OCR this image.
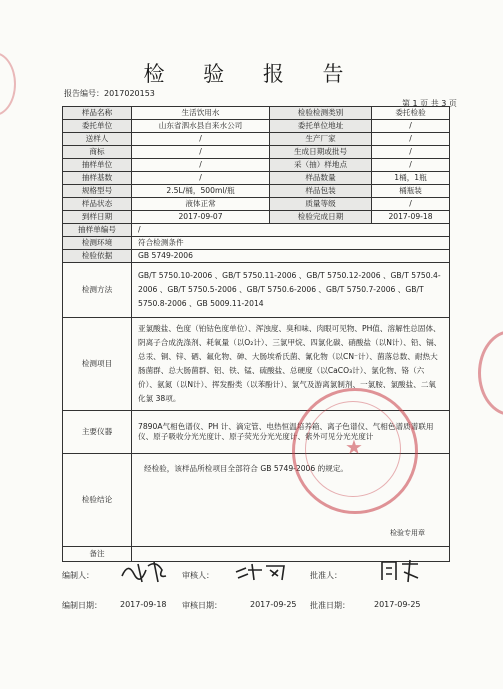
检 验 报 告
报告编号：2017020153
第 1 页 共 3 页
样品名称	生活饮用水	检验检测类别	委托检验
委托单位	山东省泗水县自来水公司	委托单位地址	/
送样人	/	生产厂家	/
商标	/	生成日期或批号	/
抽样单位	/	采（抽）样地点	/
抽样基数	/	样品数量	1桶，1瓶
规格型号	2.5L/桶，500ml/瓶	样品包装	桶瓶装
样品状态	液体正常	质量等级	/
到样日期	2017-09-07	检验完成日期	2017-09-18
抽样单编号	/		
检测环境	符合检测条件		
检验依据	GB 5749-2006		
检测方法	GB/T 5750.10-2006 、GB/T 5750.11-2006 、GB/T 5750.12-2006 、GB/T 5750.4-2006 、GB/T 5750.5-2006 、GB/T 5750.6-2006 、GB/T 5750.7-2006 、GB/T 5750.8-2006 、GB 5009.11-2014		
检测项目	亚氯酸盐、色度（铂钴色度单位）、浑浊度、臭和味、肉眼可见物、PH值、溶解性总固体、阴离子合成洗涤剂、耗氧量（以O₂计）、三氯甲烷、四氯化碳、硝酸盐（以N计）、铅、镉、总汞、铜、锌、硒、氟化物、砷、大肠埃希氏菌、氰化物（以CN⁻计）、菌落总数、耐热大肠菌群、总大肠菌群、铝、铁、锰、硫酸盐、总硬度（以CaCO₃计）、氯化物、铬（六价）、氨氮（以N计）、挥发酚类（以苯酚计）、氯气及游离氯制剂、一氯胺、氯酸盐、二氧化氯 38项。		
主要仪器	7890A气相色谱仪、PH 计、滴定管、电热恒温培养箱、离子色谱仪、气相色谱质谱联用仪、原子吸收分光光度计、原子荧光分光光度计、紫外可见分光光度计		
检验结论	经检验，该样品所检项目全部符合 GB 5749-2006 的规定。
检验专用章		

备注			
★
编制人：	审核人：	批准人：
编制日期： 2017-09-18 审核日期：	2017-09-25 批准日期：	2017-09-25
